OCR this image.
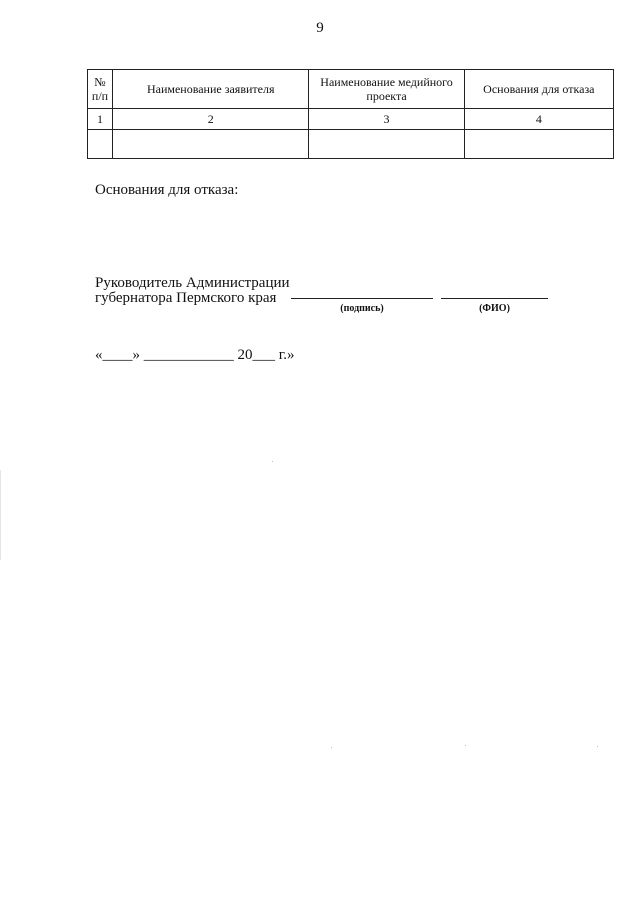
9
№ п/п	Наименование заявителя	Наименование медийного проекта	Основания для отказа
1	2	3	4

Основания для отказа:
Руководитель Администрации
губернатора Пермского края
(подпись)	(ФИО)
«____» ____________ 20___ г.»
